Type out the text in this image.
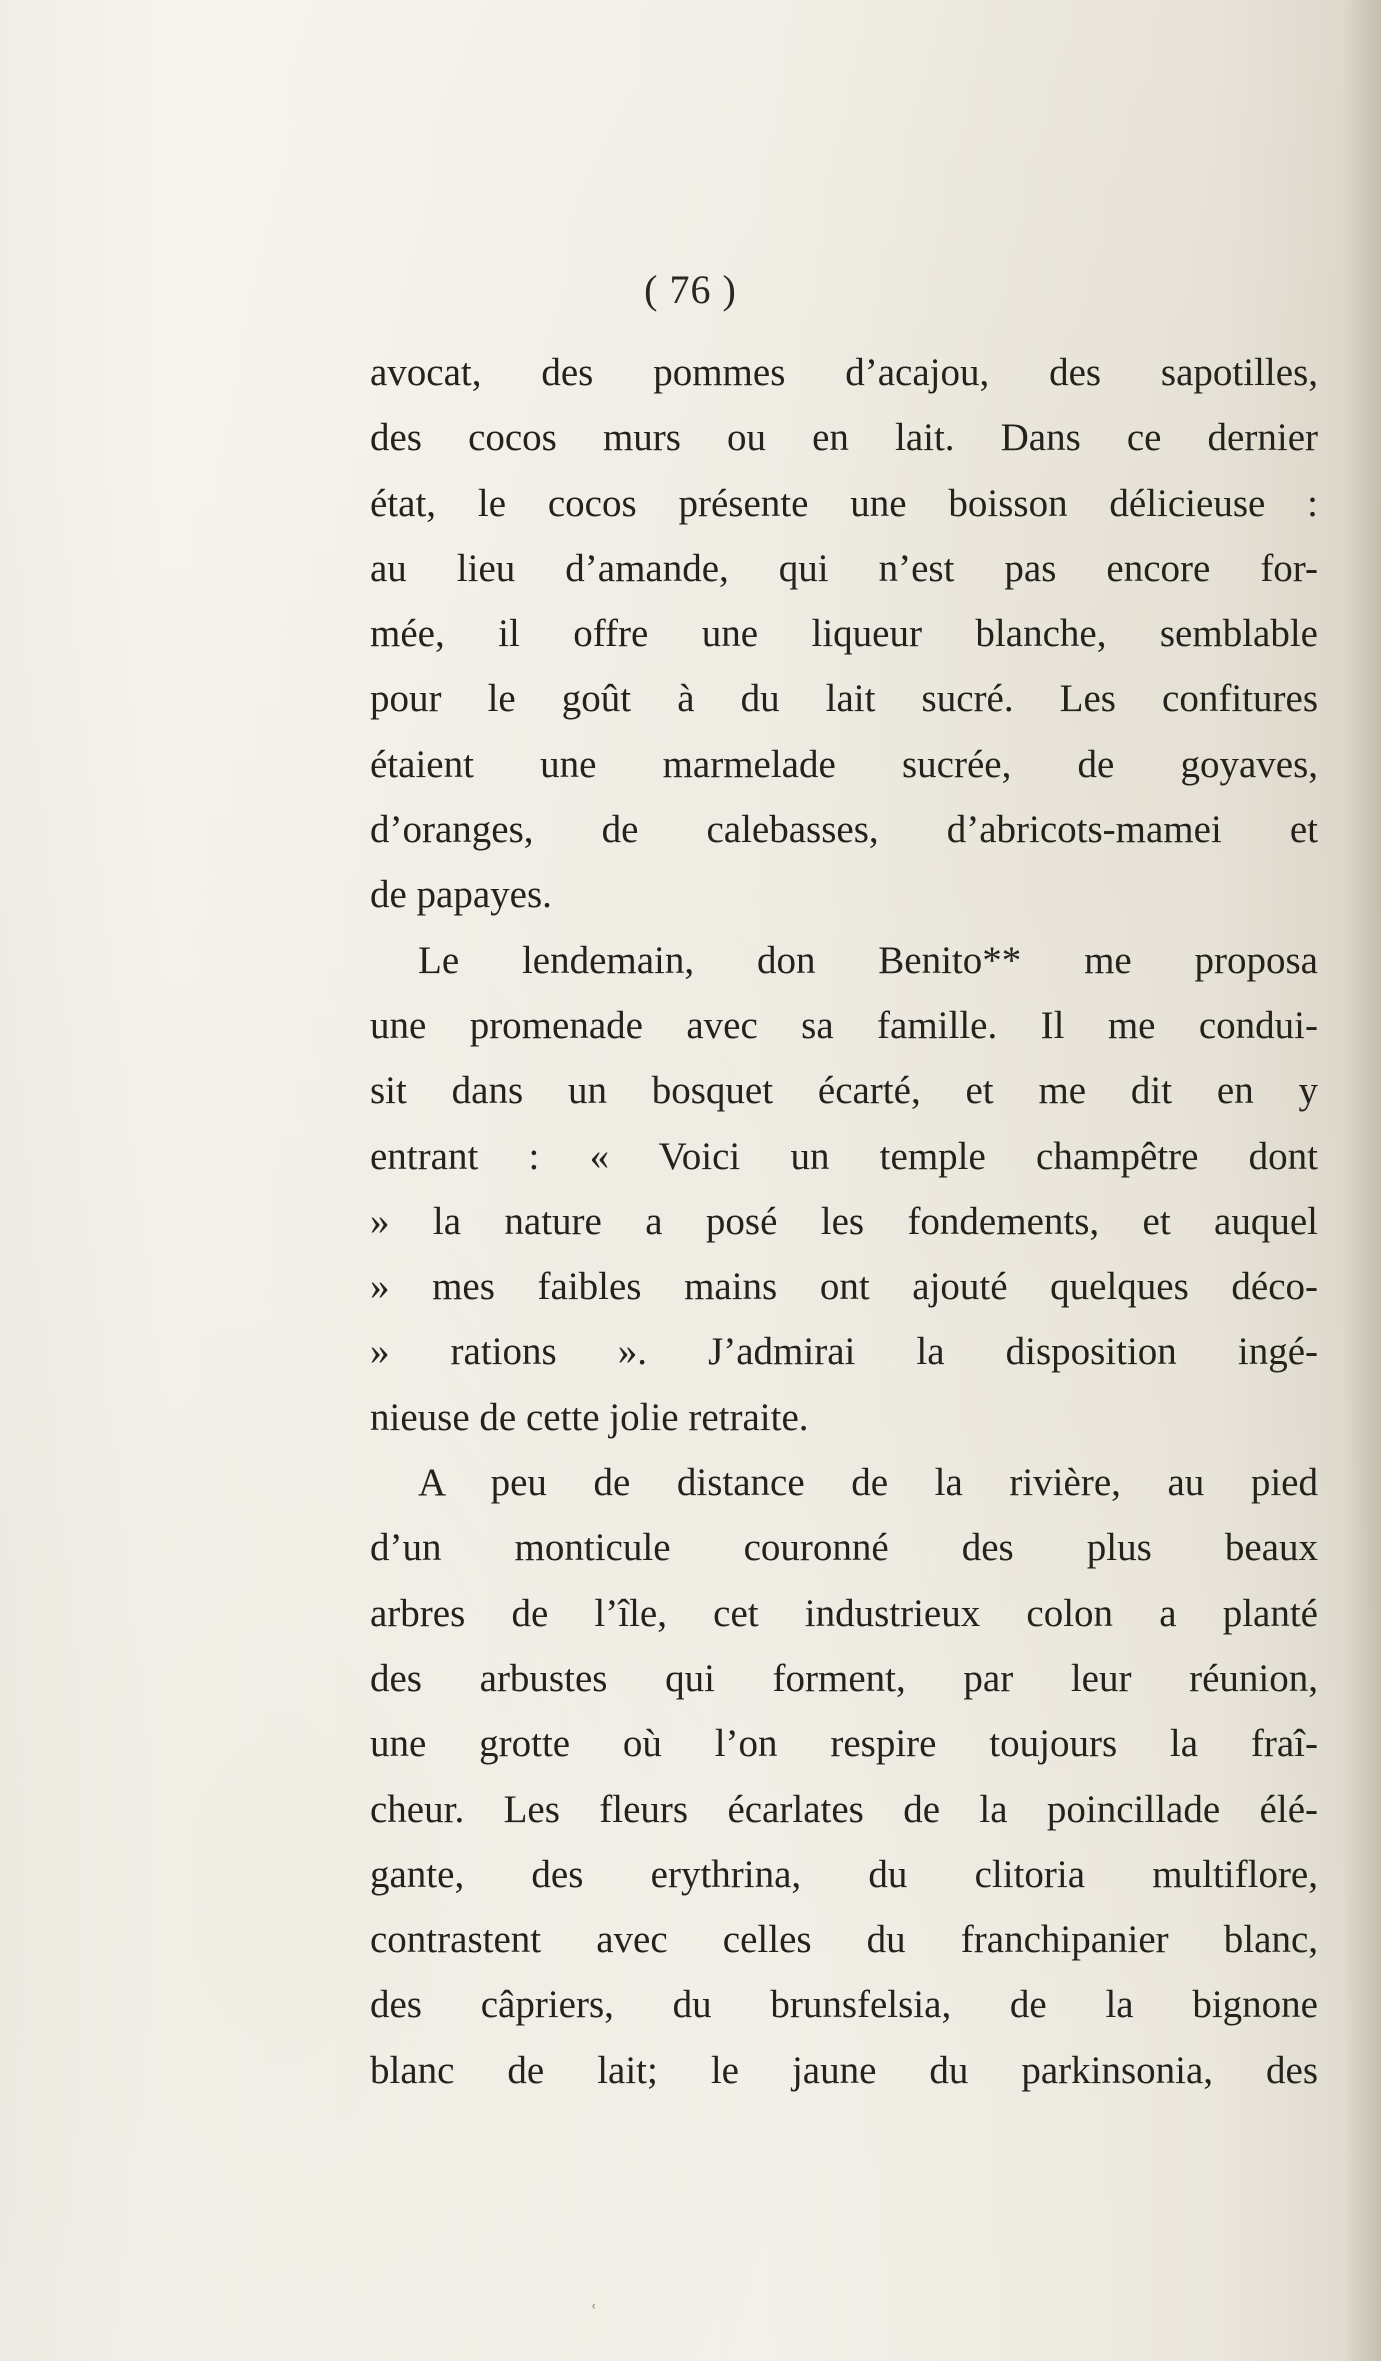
( 76 )
avocat, des pommes d’acajou, des sapotilles,
des cocos murs ou en lait. Dans ce dernier
état, le cocos présente une boisson délicieuse :
au lieu d’amande, qui n’est pas encore for-
mée, il offre une liqueur blanche, semblable
pour le goût à du lait sucré. Les confitures
étaient une marmelade sucrée, de goyaves,
d’oranges, de calebasses, d’abricots-mamei et
de papayes.
Le lendemain, don Benito** me proposa
une promenade avec sa famille. Il me condui-
sit dans un bosquet écarté, et me dit en y
entrant : « Voici un temple champêtre dont
» la nature a posé les fondements, et auquel
» mes faibles mains ont ajouté quelques déco-
» rations ». J’admirai la disposition ingé-
nieuse de cette jolie retraite.
A peu de distance de la rivière, au pied
d’un monticule couronné des plus beaux
arbres de l’île, cet industrieux colon a planté
des arbustes qui forment, par leur réunion,
une grotte où l’on respire toujours la fraî-
cheur. Les fleurs écarlates de la poincillade élé-
gante, des erythrina, du clitoria multiflore,
contrastent avec celles du franchipanier blanc,
des câpriers, du brunsfelsia, de la bignone
blanc de lait; le jaune du parkinsonia, des
ʿ
